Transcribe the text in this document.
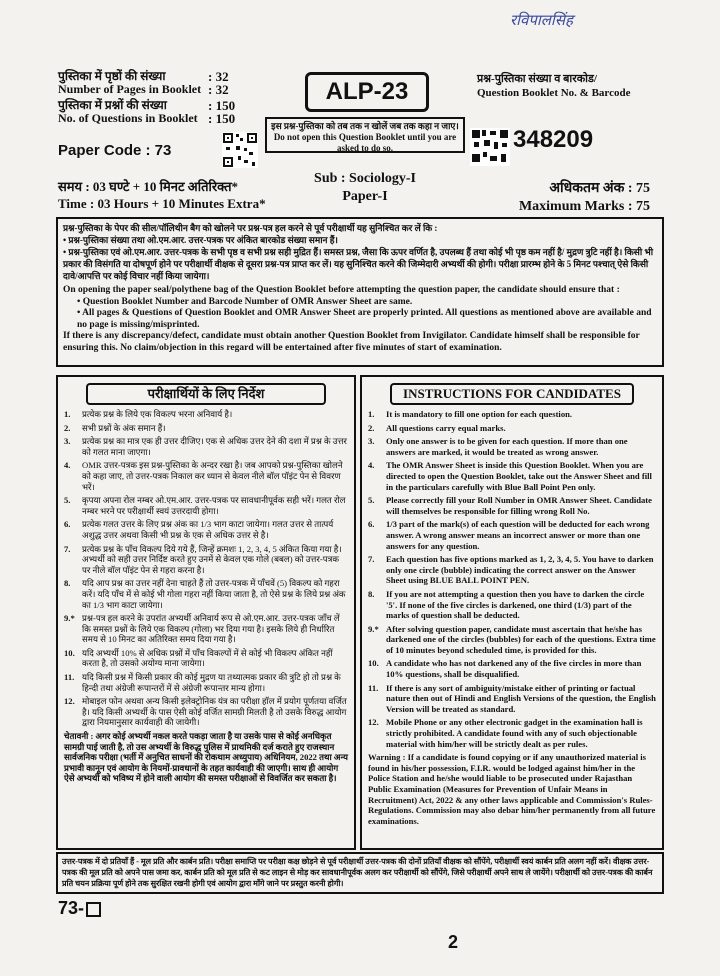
रविपालसिंह
पुस्तिका में पृष्ठों की संख्या	: 32
Number of Pages in Booklet : 32
पुस्तिका में प्रश्नों की संख्या	: 150
No. of Questions in Booklet : 150
Paper Code : 73
ALP-23
इस प्रश्न-पुस्तिका को तब तक न खोलें जब तक कहा न जाए। Do not open this Question Booklet until you are asked to do so.
प्रश्न-पुस्तिका संख्या व बारकोड/
Question Booklet No. & Barcode
348209
समय : 03 घण्टे + 10 मिनट अतिरिक्त*
Time : 03 Hours + 10 Minutes Extra*
Sub : Sociology-I
Paper-I
अधिकतम अंक : 75
Maximum Marks : 75
प्रश्न-पुस्तिका के पेपर की सील/पॉलिथीन बैग को खोलने पर प्रश्न-पत्र हल करने से पूर्व परीक्षार्थी यह सुनिश्चित कर लें कि :
• प्रश्न-पुस्तिका संख्या तथा ओ.एम.आर. उत्तर-पत्रक पर अंकित बारकोड संख्या समान हैं।
• प्रश्न-पुस्तिका एवं ओ.एम.आर. उत्तर-पत्रक के सभी पृष्ठ व सभी प्रश्न सही मुद्रित हैं। समस्त प्रश्न, जैसा कि ऊपर वर्णित है, उपलब्ध हैं तथा कोई भी पृष्ठ कम नहीं है/ मुद्रण त्रुटि नहीं है। किसी भी प्रकार की विसंगति या दोषपूर्ण होने पर परीक्षार्थी वीक्षक से दूसरा प्रश्न-पत्र प्राप्त कर लें। यह सुनिश्चित करने की जिम्मेदारी अभ्यर्थी की होगी। परीक्षा प्रारम्भ होने के 5 मिनट पश्चात् ऐसे किसी दावे/आपत्ति पर कोई विचार नहीं किया जायेगा।
On opening the paper seal/polythene bag of the Question Booklet before attempting the question paper, the candidate should ensure that :
• Question Booklet Number and Barcode Number of OMR Answer Sheet are same.
• All pages & Questions of Question Booklet and OMR Answer Sheet are properly printed. All questions as mentioned above are available and no page is missing/misprinted.
If there is any discrepancy/defect, candidate must obtain another Question Booklet from Invigilator. Candidate himself shall be responsible for ensuring this. No claim/objection in this regard will be entertained after five minutes of start of examination.
परीक्षार्थियों के लिए निर्देश
1.	प्रत्येक प्रश्न के लिये एक विकल्प भरना अनिवार्य है।
2.	सभी प्रश्नों के अंक समान हैं।
3.	प्रत्येक प्रश्न का मात्र एक ही उत्तर दीजिए। एक से अधिक उत्तर देने की दशा में प्रश्न के उत्तर को गलत माना जाएगा।
4.	OMR उत्तर-पत्रक इस प्रश्न-पुस्तिका के अन्दर रखा है। जब आपको प्रश्न-पुस्तिका खोलने को कहा जाए, तो उत्तर-पत्रक निकाल कर ध्यान से केवल नीले बॉल पॉइंट पेन से विवरण भरें।
5.	कृपया अपना रोल नम्बर ओ.एम.आर. उत्तर-पत्रक पर सावधानीपूर्वक सही भरें। गलत रोल नम्बर भरने पर परीक्षार्थी स्वयं उत्तरदायी होगा।
6.	प्रत्येक गलत उत्तर के लिए प्रश्न अंक का 1/3 भाग काटा जायेगा। गलत उत्तर से तात्पर्य अशुद्ध उत्तर अथवा किसी भी प्रश्न के एक से अधिक उत्तर से है।
7.	प्रत्येक प्रश्न के पाँच विकल्प दिये गये हैं, जिन्हें क्रमशः 1, 2, 3, 4, 5 अंकित किया गया है। अभ्यर्थी को सही उत्तर निर्दिष्ट करते हुए उनमें से केवल एक गोले (बबल) को उत्तर-पत्रक पर नीले बॉल पॉइंट पेन से गहरा करना है।
8.	यदि आप प्रश्न का उत्तर नहीं देना चाहते हैं तो उत्तर-पत्रक में पाँचवें (5) विकल्प को गहरा करें। यदि पाँच में से कोई भी गोला गहरा नहीं किया जाता है, तो ऐसे प्रश्न के लिये प्रश्न अंक का 1/3 भाग काटा जायेगा।
9.* प्रश्न-पत्र हल करने के उपरांत अभ्यर्थी अनिवार्य रूप से ओ.एम.आर. उत्तर-पत्रक जाँच लें कि समस्त प्रश्नों के लिये एक विकल्प (गोला) भर दिया गया है। इसके लिये ही निर्धारित समय से 10 मिनट का अतिरिक्त समय दिया गया है।
10. यदि अभ्यर्थी 10% से अधिक प्रश्नों में पाँच विकल्पों में से कोई भी विकल्प अंकित नहीं करता है, तो उसको अयोग्य माना जायेगा।
11. यदि किसी प्रश्न में किसी प्रकार की कोई मुद्रण या तथ्यात्मक प्रकार की त्रुटि हो तो प्रश्न के हिन्दी तथा अंग्रेजी रूपान्तरों में से अंग्रेजी रूपान्तर मान्य होगा।
12. मोबाइल फोन अथवा अन्य किसी इलेक्ट्रोनिक यंत्र का परीक्षा हॉल में प्रयोग पूर्णतया वर्जित है। यदि किसी अभ्यर्थी के पास ऐसी कोई वर्जित सामग्री मिलती है तो उसके विरुद्ध आयोग द्वारा नियमानुसार कार्यवाही की जायेगी।
चेतावनी : अगर कोई अभ्यर्थी नकल करते पकड़ा जाता है या उसके पास से कोई अनधिकृत सामग्री पाई जाती है, तो उस अभ्यर्थी के विरुद्ध पुलिस में प्राथमिकी दर्ज कराते हुए राजस्थान सार्वजनिक परीक्षा (भर्ती में अनुचित साधनों की रोकथाम अध्युपाय) अधिनियम, 2022 तथा अन्य प्रभावी कानून एवं आयोग के नियमों-प्रावधानों के तहत कार्यवाही की जाएगी। साथ ही आयोग ऐसे अभ्यर्थी को भविष्य में होने वाली आयोग की समस्त परीक्षाओं से विवर्जित कर सकता है।
INSTRUCTIONS FOR CANDIDATES
1.	It is mandatory to fill one option for each question.
2.	All questions carry equal marks.
3.	Only one answer is to be given for each question. If more than one answers are marked, it would be treated as wrong answer.
4.	The OMR Answer Sheet is inside this Question Booklet. When you are directed to open the Question Booklet, take out the Answer Sheet and fill in the particulars carefully with Blue Ball Point Pen only.
5.	Please correctly fill your Roll Number in OMR Answer Sheet. Candidate will themselves be responsible for filling wrong Roll No.
6.	1/3 part of the mark(s) of each question will be deducted for each wrong answer. A wrong answer means an incorrect answer or more than one answers for any question.
7.	Each question has five options marked as 1, 2, 3, 4, 5. You have to darken only one circle (bubble) indicating the correct answer on the Answer Sheet using BLUE BALL POINT PEN.
8.	If you are not attempting a question then you have to darken the circle '5'. If none of the five circles is darkened, one third (1/3) part of the marks of question shall be deducted.
9.* After solving question paper, candidate must ascertain that he/she has darkened one of the circles (bubbles) for each of the questions. Extra time of 10 minutes beyond scheduled time, is provided for this.
10. A candidate who has not darkened any of the five circles in more than 10% questions, shall be disqualified.
11. If there is any sort of ambiguity/mistake either of printing or factual nature then out of Hindi and English Versions of the question, the English Version will be treated as standard.
12. Mobile Phone or any other electronic gadget in the examination hall is strictly prohibited. A candidate found with any of such objectionable material with him/her will be strictly dealt as per rules.
Warning : If a candidate is found copying or if any unauthorized material is found in his/her possession, F.I.R. would be lodged against him/her in the Police Station and he/she would liable to be prosecuted under Rajasthan Public Examination (Measures for Prevention of Unfair Means in Recruitment) Act, 2022 & any other laws applicable and Commission's Rules-Regulations. Commission may also debar him/her permanently from all future examinations.
उत्तर-पत्रक में दो प्रतियाँ हैं - मूल प्रति और कार्बन प्रति। परीक्षा समाप्ति पर परीक्षा कक्ष छोड़ने से पूर्व परीक्षार्थी उत्तर-पत्रक की दोनों प्रतियाँ वीक्षक को सौंपेंगे, परीक्षार्थी स्वयं कार्बन प्रति अलग नहीं करें। वीक्षक उत्तर-पत्रक की मूल प्रति को अपने पास जमा कर, कार्बन प्रति को मूल प्रति से कट लाइन से मोड़ कर सावधानीपूर्वक अलग कर परीक्षार्थी को सौंपेंगे, जिसे परीक्षार्थी अपने साथ ले जायेंगे। परीक्षार्थी को उत्तर-पत्रक की कार्बन प्रति चयन प्रक्रिया पूर्ण होने तक सुरक्षित रखनी होगी एवं आयोग द्वारा माँगे जाने पर प्रस्तुत करनी होगी।
73-
2
